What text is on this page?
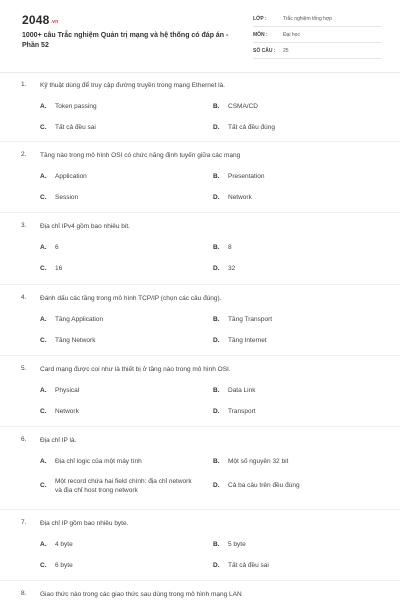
2048.vn
1000+ câu Trắc nghiệm Quản trị mạng và hệ thống có đáp án - Phần 52
LỚP :	Trắc nghiệm tổng hợp
MÔN :	Đại học
SỐ CÂU : 25
1. Kỹ thuật dùng để truy cập đường truyền trong mạng Ethernet là.
A. Token passing	B. CSMA/CD
C. Tất cả đều sai	D. Tất cả đều đúng
2. Tầng nào trong mô hình OSI có chức năng định tuyến giữa các mạng
A. Application	B. Presentation
C. Session	D. Network
3. Địa chỉ IPv4 gồm bao nhiêu bit.
A. 6	B. 8
C. 16	D. 32
4. Đánh dấu các tầng trong mô hình TCP/IP (chọn các câu đúng).
A. Tầng Application	B. Tầng Transport
C. Tầng Network	D. Tầng Internet
5. Card mạng được coi như là thiết bị ở tầng nào trong mô hình OSI.
A. Physical	B. Data Link
C. Network	D. Transport
6. Địa chỉ IP là.
A. Địa chỉ logic của một máy tính	B. Một số nguyên 32 bit
C.
Một record chứa hai field chính: địa chỉ network và địa chỉ host trong network
D. Cả ba câu trên đều đúng
7. Địa chỉ IP gồm bao nhiêu byte.
A. 4 byte	B. 5 byte
C. 6 byte	D. Tất cả đều sai
8. Giao thức nào trong các giao thức sau dùng trong mô hình mạng LAN
